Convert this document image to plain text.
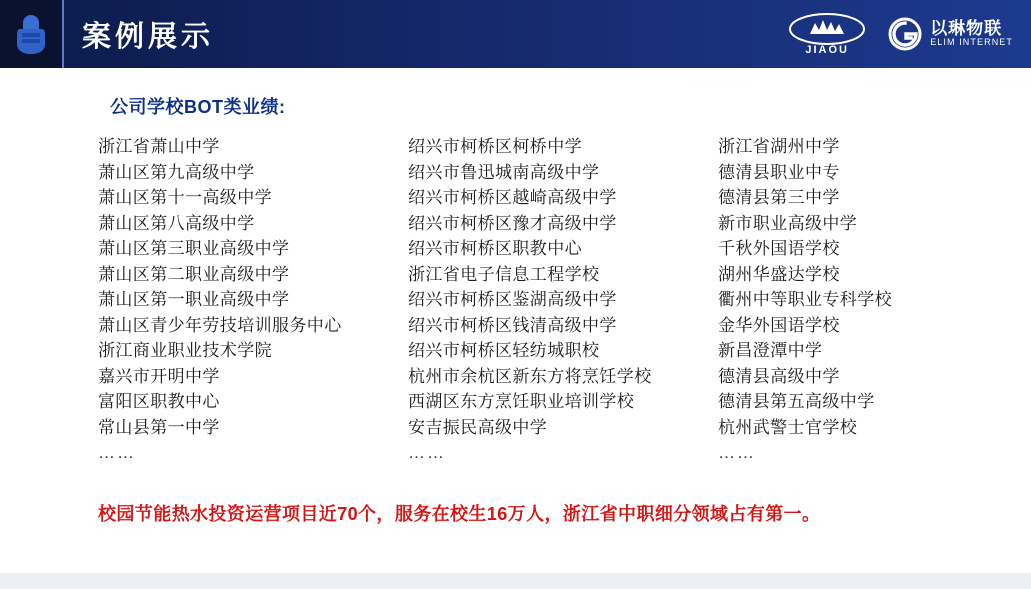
案例展示	JIAOU
以琳物联
ELIM INTERNET
公司学校BOT类业绩:
浙江省萧山中学
萧山区第九高级中学
萧山区第十一高级中学
萧山区第八高级中学
萧山区第三职业高级中学
萧山区第二职业高级中学
萧山区第一职业高级中学
萧山区青少年劳技培训服务中心
浙江商业职业技术学院
嘉兴市开明中学
富阳区职教中心
常山县第一中学
……
绍兴市柯桥区柯桥中学
绍兴市鲁迅城南高级中学
绍兴市柯桥区越崎高级中学
绍兴市柯桥区豫才高级中学
绍兴市柯桥区职教中心
浙江省电子信息工程学校
绍兴市柯桥区鉴湖高级中学
绍兴市柯桥区钱清高级中学
绍兴市柯桥区轻纺城职校
杭州市余杭区新东方将烹饪学校
西湖区东方烹饪职业培训学校
安吉振民高级中学
……
浙江省湖州中学
德清县职业中专
德清县第三中学
新市职业高级中学
千秋外国语学校
湖州华盛达学校
衢州中等职业专科学校
金华外国语学校
新昌澄潭中学
德清县高级中学
德清县第五高级中学
杭州武警士官学校
……
校园节能热水投资运营项目近70个，服务在校生16万人，浙江省中职细分领域占有第一。
